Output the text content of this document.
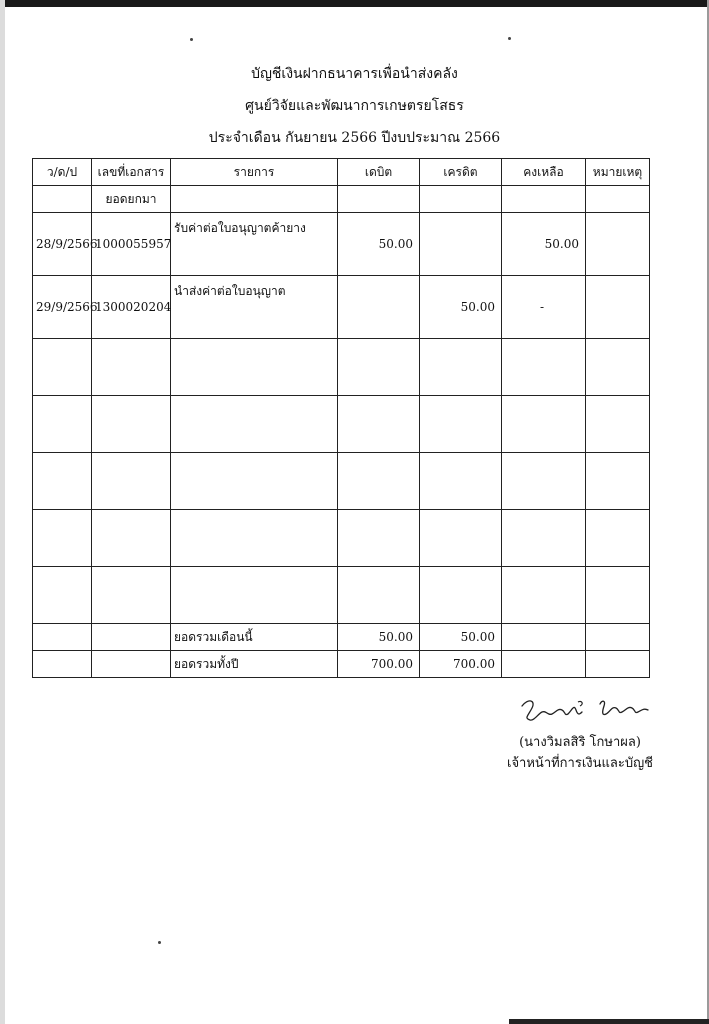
บัญชีเงินฝากธนาคารเพื่อนำส่งคลัง
ศูนย์วิจัยและพัฒนาการเกษตรยโสธร
ประจำเดือน กันยายน 2566 ปีงบประมาณ 2566
ว/ด/ป	เลขที่เอกสาร	รายการ	เดบิต	เครดิต	คงเหลือ	หมายเหตุ
	ยอดยกมา					
28/9/2566	1000055957	รับค่าต่อใบอนุญาตค้ายาง	50.00		50.00	
29/9/2566	1300020204	นำส่งค่าต่อใบอนุญาต		50.00	-	

		ยอดรวมเดือนนี้	50.00	50.00		
		ยอดรวมทั้งปี	700.00	700.00		
(นางวิมลสิริ โกษาผล)
เจ้าหน้าที่การเงินและบัญชี
